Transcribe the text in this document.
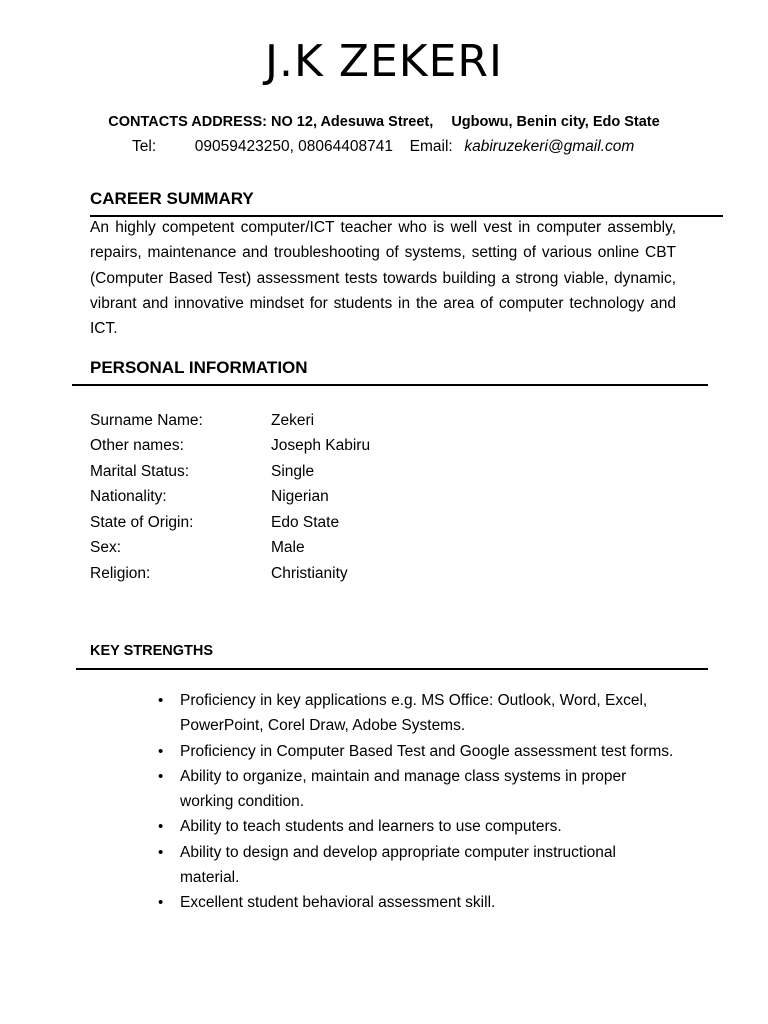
J.K ZEKERI
CONTACTS ADDRESS: NO 12, Adesuwa Street, Ugbowu, Benin city, Edo State
Tel: 09059423250, 08064408741 Email: kabiruzekeri@gmail.com
CAREER SUMMARY
An highly competent computer/ICT teacher who is well vest in computer assembly, repairs, maintenance and troubleshooting of systems, setting of various online CBT (Computer Based Test) assessment tests towards building a strong viable, dynamic, vibrant and innovative mindset for students in the area of computer technology and ICT.
PERSONAL INFORMATION
Surname Name:	Zekeri
Other names:	Joseph Kabiru
Marital Status:	Single
Nationality:	Nigerian
State of Origin:	Edo State
Sex:	Male
Religion:	Christianity
KEY STRENGTHS
• Proficiency in key applications e.g. MS Office: Outlook, Word, Excel, PowerPoint, Corel Draw, Adobe Systems.
• Proficiency in Computer Based Test and Google assessment test forms.
• Ability to organize, maintain and manage class systems in proper working condition.
• Ability to teach students and learners to use computers.
• Ability to design and develop appropriate computer instructional material.
• Excellent student behavioral assessment skill.
